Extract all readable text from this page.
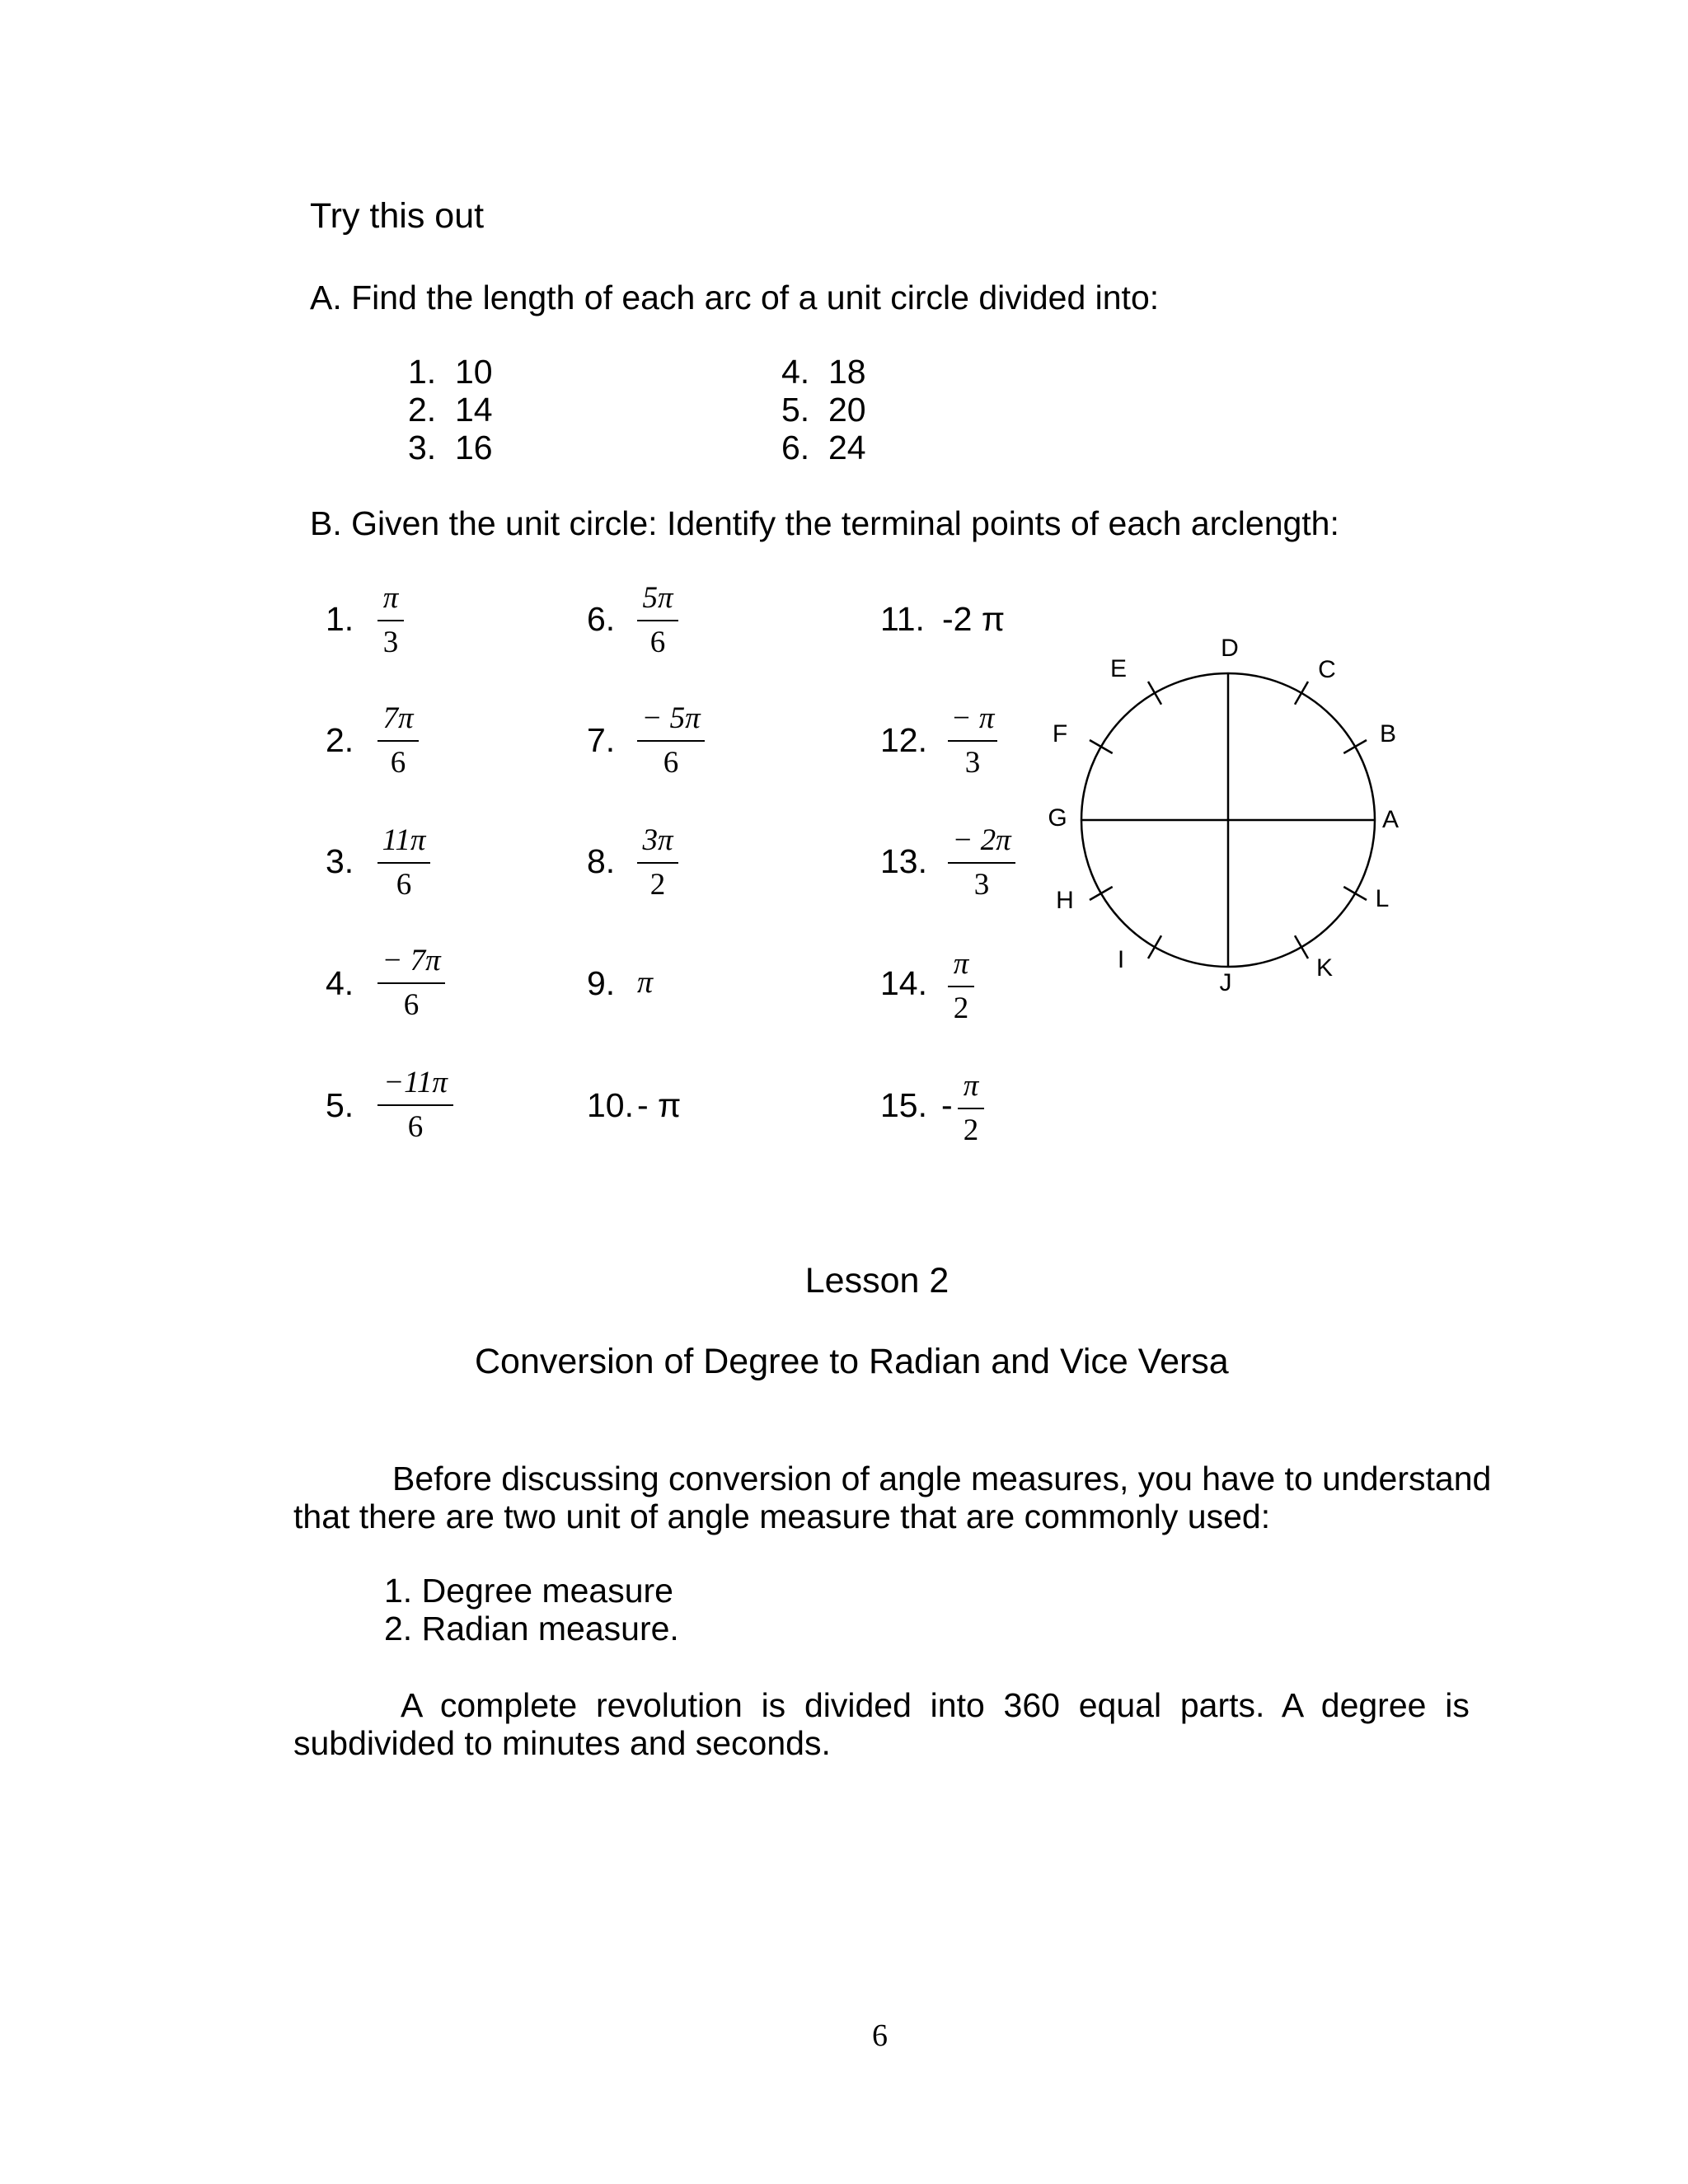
Try this out
A. Find the length of each arc of a unit circle divided into:
1. 10
2. 14
3. 16
4. 18
5. 20
6. 24
B. Given the unit circle: Identify the terminal points of each arclength:
1.
π
3
2.
7π
6
3.
11π
6
4.
− 7π
6
5.
−11π
6
6.
5π
6
7.
− 5π
6
8.
3π
2
9. π
10. - π
11. -2 π
12.
− π
3
13.
− 2π
3
14.
π
2
15. -
π
2
A
B
C
D
E
F
G
H
I
J
K
L
Lesson 2
Conversion of Degree to Radian and Vice Versa
Before discussing conversion of angle measures, you have to understand
that there are two unit of angle measure that are commonly used:
1. Degree measure
2. Radian measure.
A  complete  revolution  is  divided  into  360  equal  parts.  A  degree  is
subdivided to minutes and seconds.
6
